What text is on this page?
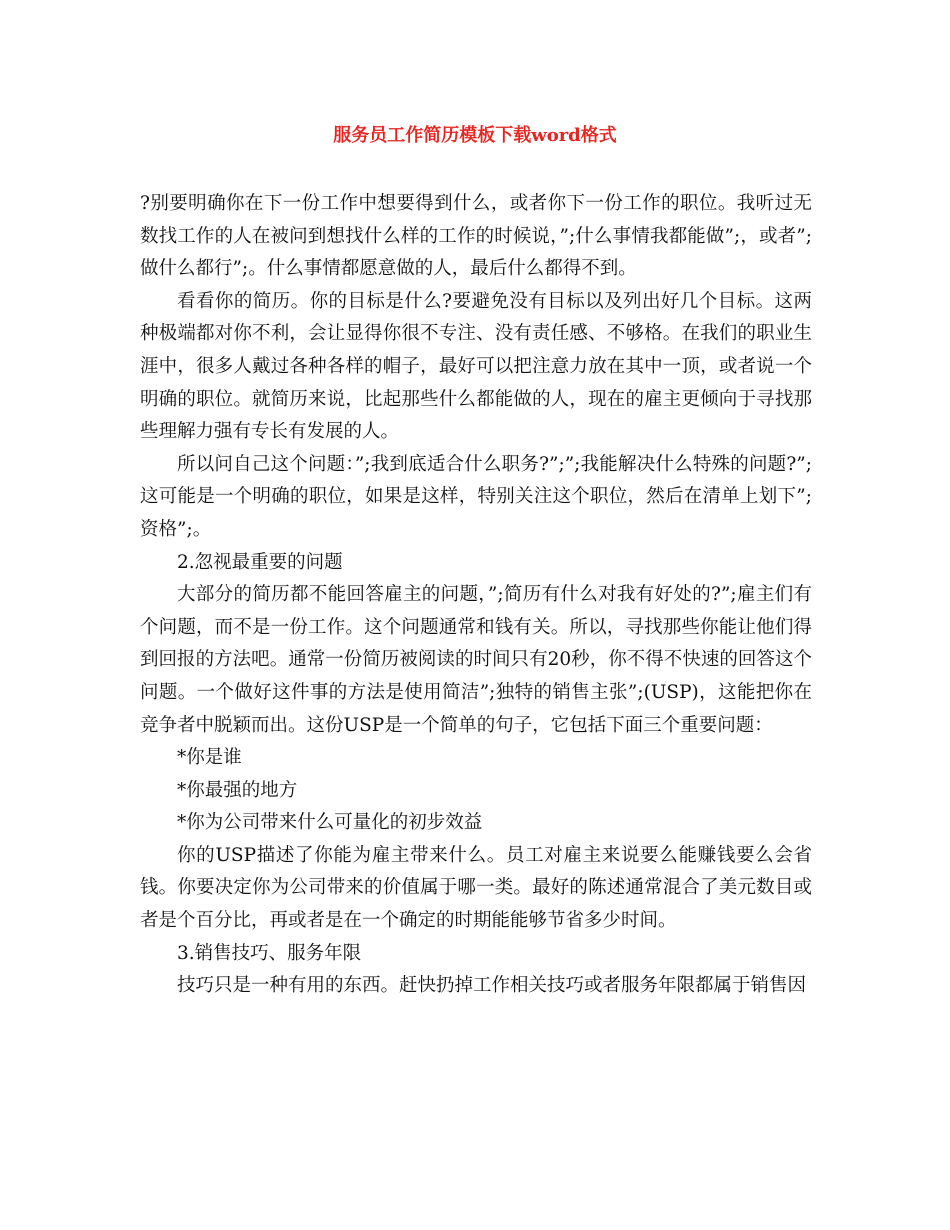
服务员工作简历模板下载word格式

?别要明确你在下一份工作中想要得到什么，或者你下一份工作的职位。我听过无数找工作的人在被问到想找什么样的工作的时候说，”;什么事情我都能做”;，或者”;做什么都行”;。什么事情都愿意做的人，最后什么都得不到。

看看你的简历。你的目标是什么?要避免没有目标以及列出好几个目标。这两种极端都对你不利，会让显得你很不专注、没有责任感、不够格。在我们的职业生涯中，很多人戴过各种各样的帽子，最好可以把注意力放在其中一顶，或者说一个明确的职位。就简历来说，比起那些什么都能做的人，现在的雇主更倾向于寻找那些理解力强有专长有发展的人。

所以问自己这个问题：”;我到底适合什么职务?”;”;我能解决什么特殊的问题?”;这可能是一个明确的职位，如果是这样，特别关注这个职位，然后在清单上划下”;资格”;。

2.忽视最重要的问题

大部分的简历都不能回答雇主的问题，”;简历有什么对我有好处的?”;雇主们有个问题，而不是一份工作。这个问题通常和钱有关。所以，寻找那些你能让他们得到回报的方法吧。通常一份简历被阅读的时间只有20秒，你不得不快速的回答这个问题。一个做好这件事的方法是使用简洁”;独特的销售主张”;(USP)，这能把你在竞争者中脱颖而出。这份USP是一个简单的句子，它包括下面三个重要问题：

*你是谁

*你最强的地方

*你为公司带来什么可量化的初步效益

你的USP描述了你能为雇主带来什么。员工对雇主来说要么能赚钱要么会省钱。你要决定你为公司带来的价值属于哪一类。最好的陈述通常混合了美元数目或者是个百分比，再或者是在一个确定的时期能能够节省多少时间。

3.销售技巧、服务年限

技巧只是一种有用的东西。赶快扔掉工作相关技巧或者服务年限都属于销售因
